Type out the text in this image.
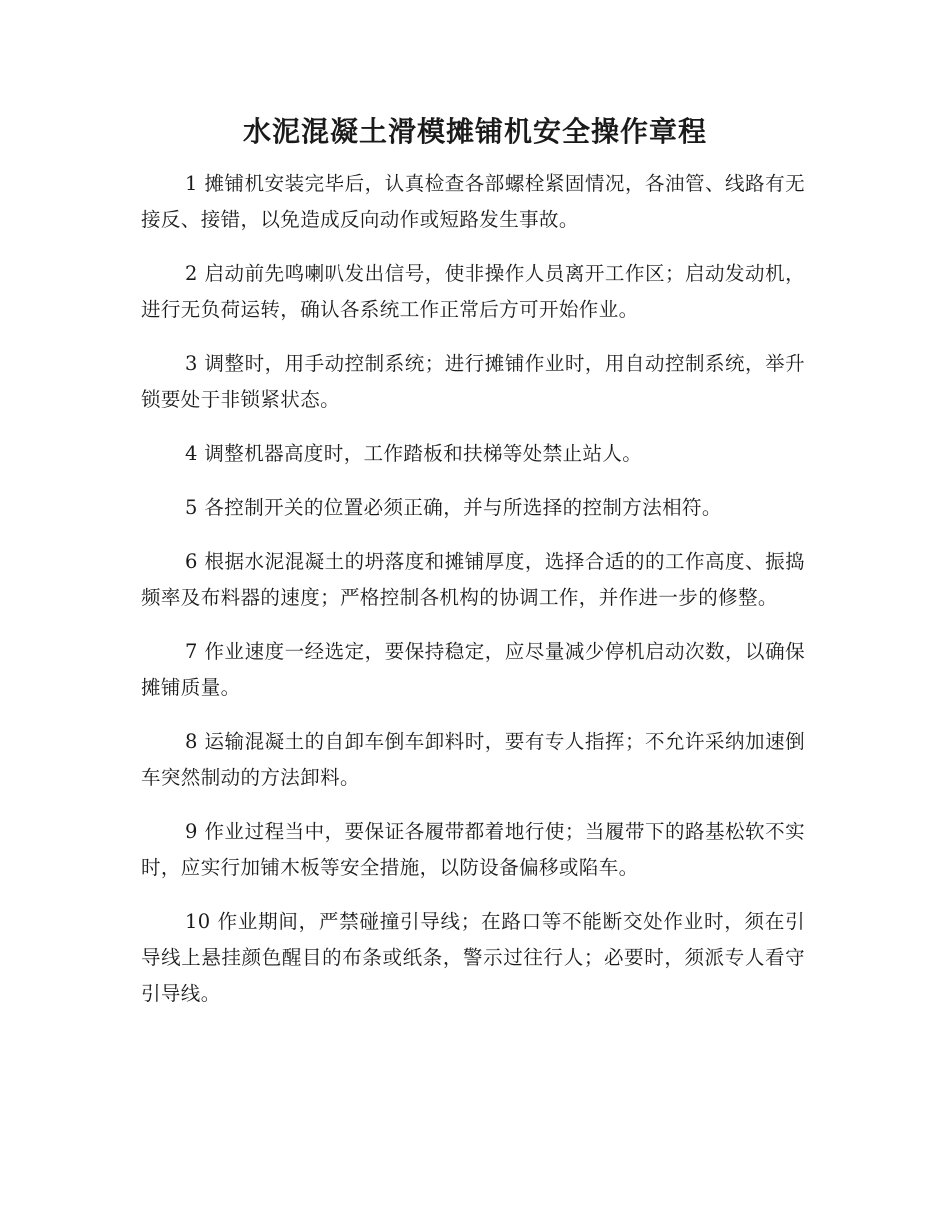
水泥混凝土滑模摊铺机安全操作章程

1 摊铺机安装完毕后，认真检查各部螺栓紧固情况，各油管、线路有无接反、接错，以免造成反向动作或短路发生事故。

2 启动前先鸣喇叭发出信号，使非操作人员离开工作区；启动发动机，进行无负荷运转，确认各系统工作正常后方可开始作业。

3 调整时，用手动控制系统；进行摊铺作业时，用自动控制系统，举升锁要处于非锁紧状态。

4 调整机器高度时，工作踏板和扶梯等处禁止站人。

5 各控制开关的位置必须正确，并与所选择的控制方法相符。

6 根据水泥混凝土的坍落度和摊铺厚度，选择合适的的工作高度、振捣频率及布料器的速度；严格控制各机构的协调工作，并作进一步的修整。

7 作业速度一经选定，要保持稳定，应尽量减少停机启动次数，以确保摊铺质量。

8 运输混凝土的自卸车倒车卸料时，要有专人指挥；不允许采纳加速倒车突然制动的方法卸料。

9 作业过程当中，要保证各履带都着地行使；当履带下的路基松软不实时，应实行加铺木板等安全措施，以防设备偏移或陷车。

10 作业期间，严禁碰撞引导线；在路口等不能断交处作业时，须在引导线上悬挂颜色醒目的布条或纸条，警示过往行人；必要时，须派专人看守引导线。
